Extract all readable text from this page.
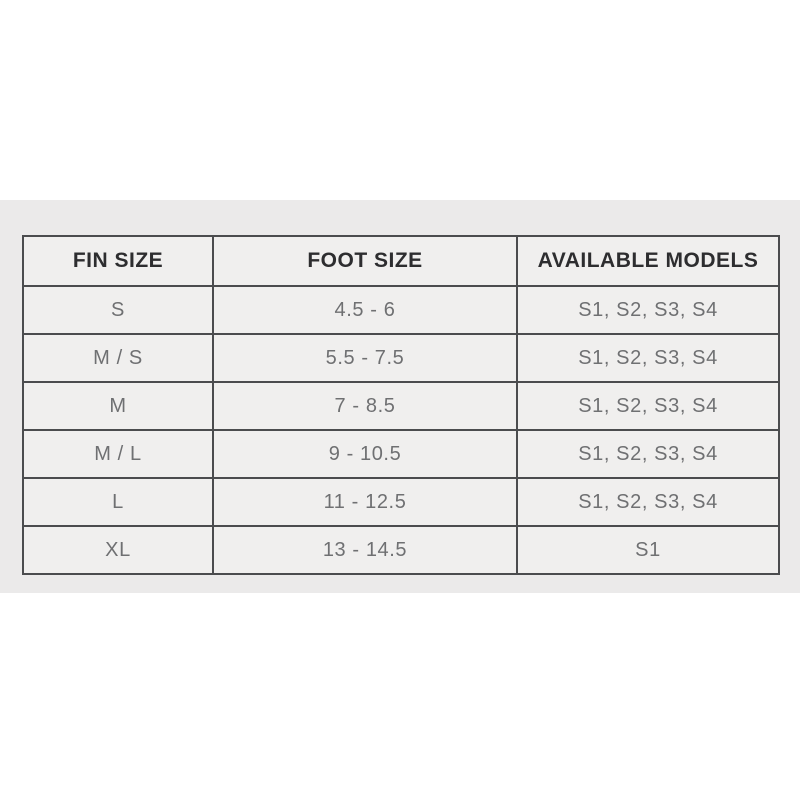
FIN SIZE	FOOT SIZE	AVAILABLE MODELS
S	4.5 - 6	S1, S2, S3, S4
M / S	5.5 - 7.5	S1, S2, S3, S4
M	7 - 8.5	S1, S2, S3, S4
M / L	9 - 10.5	S1, S2, S3, S4
L	11 - 12.5	S1, S2, S3, S4
XL	13 - 14.5	S1
